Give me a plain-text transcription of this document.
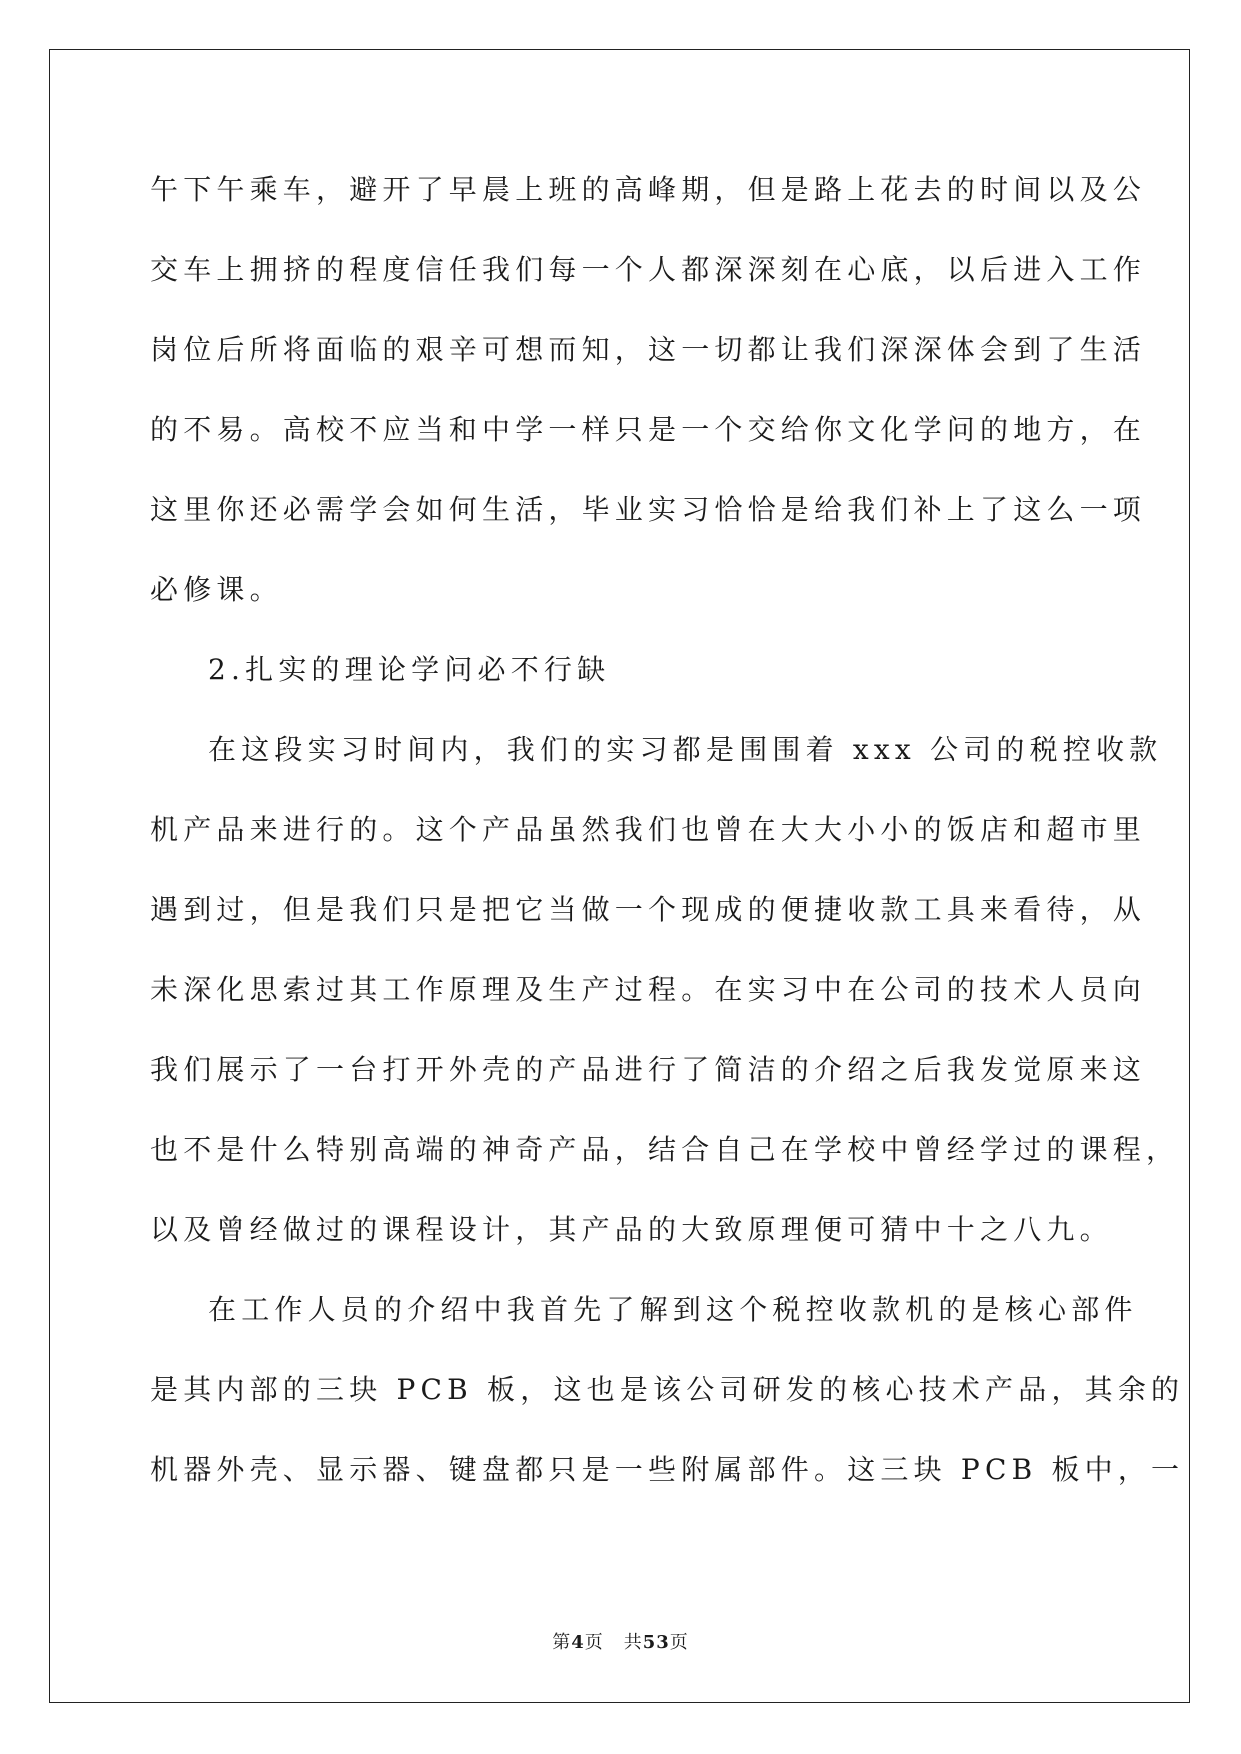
午下午乘车，避开了早晨上班的高峰期，但是路上花去的时间以及公
交车上拥挤的程度信任我们每一个人都深深刻在心底，以后进入工作
岗位后所将面临的艰辛可想而知，这一切都让我们深深体会到了生活
的不易。高校不应当和中学一样只是一个交给你文化学问的地方，在
这里你还必需学会如何生活，毕业实习恰恰是给我们补上了这么一项
必修课。
2.扎实的理论学问必不行缺
在这段实习时间内，我们的实习都是围围着 xxx 公司的税控收款
机产品来进行的。这个产品虽然我们也曾在大大小小的饭店和超市里
遇到过，但是我们只是把它当做一个现成的便捷收款工具来看待，从
未深化思索过其工作原理及生产过程。在实习中在公司的技术人员向
我们展示了一台打开外壳的产品进行了简洁的介绍之后我发觉原来这
也不是什么特别高端的神奇产品，结合自己在学校中曾经学过的课程，
以及曾经做过的课程设计，其产品的大致原理便可猜中十之八九。
在工作人员的介绍中我首先了解到这个税控收款机的是核心部件
是其内部的三块 PCB 板，这也是该公司研发的核心技术产品，其余的
机器外壳、显示器、键盘都只是一些附属部件。这三块 PCB 板中，一
第4页 共53页
